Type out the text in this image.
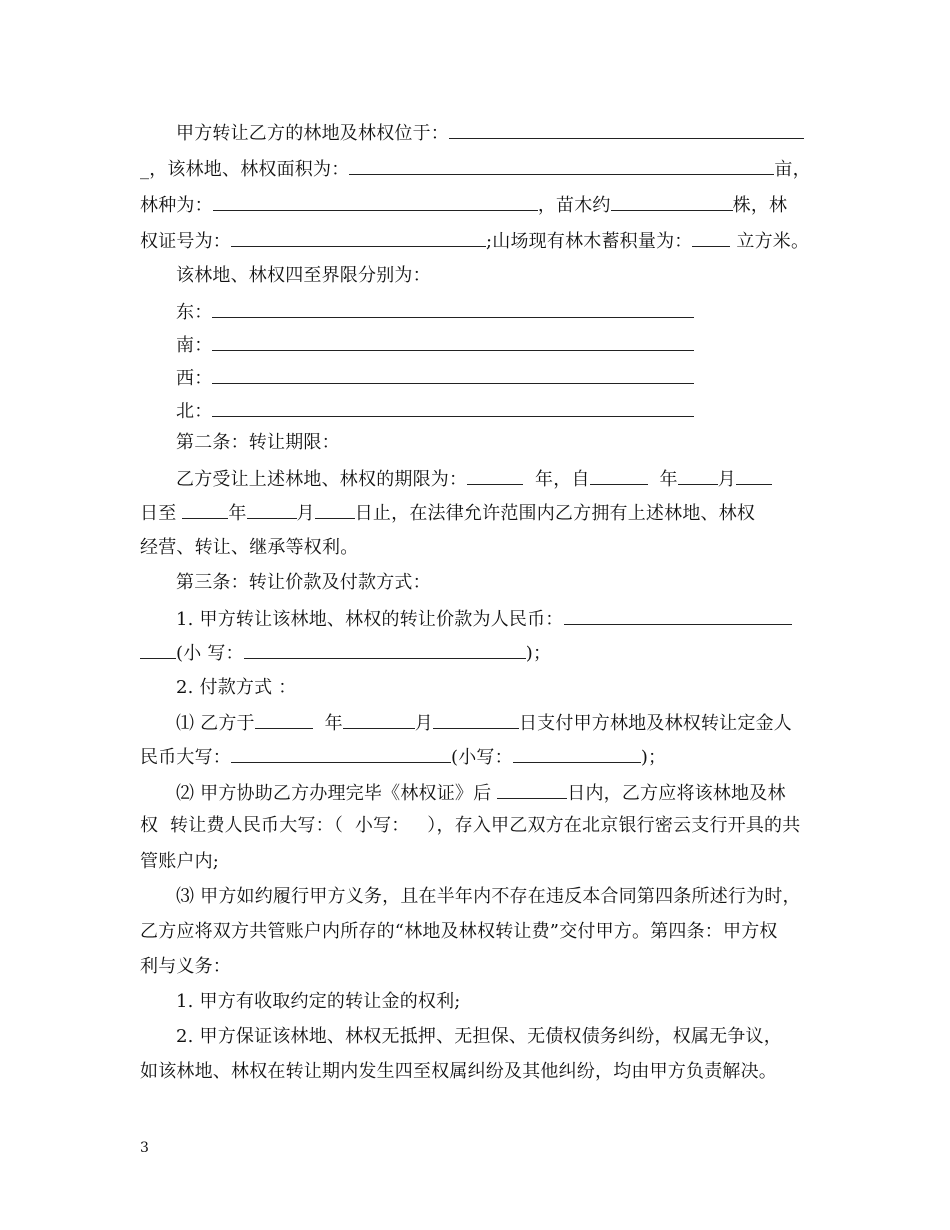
甲方转让乙方的林地及林权位于：
_，该林地、林权面积为：	亩，
林种为：	，苗木约	株，林
权证号为：	;山场现有林木蓄积量为： 立方米。
该林地、林权四至界限分别为：
东：
南：
西：
北：
第二条：转让期限：
乙方受让上述林地、林权的期限为：	年，自	年 月
日至	年	月 日止，在法律允许范围内乙方拥有上述林地、林权
经营、转让、继承等权利。
第三条：转让价款及付款方式：
1. 甲方转让该林地、林权的转让价款为人民币：
(小 写：	)；
2. 付款方式 ：
⑴ 乙方于	年	月	日支付甲方林地及林权转让定金人
民币大写：	(小写：	)；
⑵ 甲方协助乙方办理完毕《林权证》后	日内，乙方应将该林地及林
权  转让费人民币大写：（  小写：   ），存入甲乙双方在北京银行密云支行开具的共
管账户内;
⑶ 甲方如约履行甲方义务，且在半年内不存在违反本合同第四条所述行为时，
乙方应将双方共管账户内所存的“林地及林权转让费”交付甲方。第四条：甲方权
利与义务：
1. 甲方有收取约定的转让金的权利;
2. 甲方保证该林地、林权无抵押、无担保、无债权债务纠纷，权属无争议，
如该林地、林权在转让期内发生四至权属纠纷及其他纠纷，均由甲方负责解决。
3
